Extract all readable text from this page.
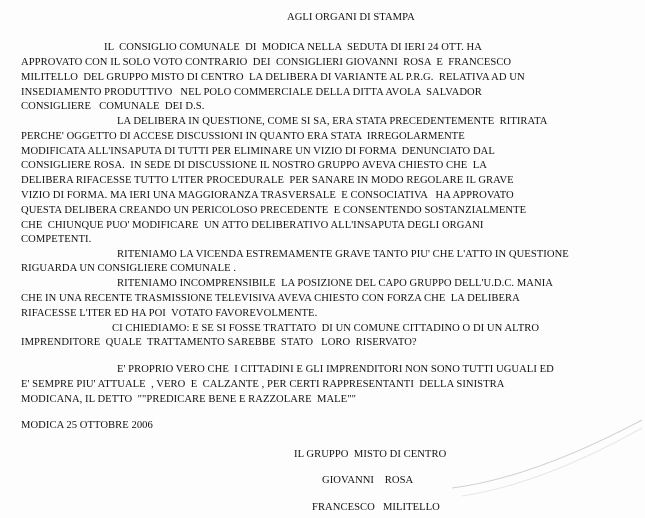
AGLI ORGANI DI STAMPA

IL  CONSIGLIO COMUNALE  DI  MODICA NELLA  SEDUTA DI IERI 24 OTT. HA

APPROVATO CON IL SOLO VOTO CONTRARIO  DEI  CONSIGLIERI GIOVANNI  ROSA  E  FRANCESCO

MILITELLO  DEL GRUPPO MISTO DI CENTRO  LA DELIBERA DI VARIANTE AL P.R.G.  RELATIVA AD UN

INSEDIAMENTO PRODUTTIVO   NEL POLO COMMERCIALE DELLA DITTA AVOLA  SALVADOR

CONSIGLIERE   COMUNALE  DEI D.S.

LA DELIBERA IN QUESTIONE, COME SI SA, ERA STATA PRECEDENTEMENTE  RITIRATA

PERCHE' OGGETTO DI ACCESE DISCUSSIONI IN QUANTO ERA STATA  IRREGOLARMENTE

MODIFICATA ALL'INSAPUTA DI TUTTI PER ELIMINARE UN VIZIO DI FORMA  DENUNCIATO DAL

CONSIGLIERE ROSA.  IN SEDE DI DISCUSSIONE IL NOSTRO GRUPPO AVEVA CHIESTO CHE  LA

DELIBERA RIFACESSE TUTTO L'ITER PROCEDURALE  PER SANARE IN MODO REGOLARE IL GRAVE

VIZIO DI FORMA. MA IERI UNA MAGGIORANZA TRASVERSALE  E CONSOCIATIVA   HA APPROVATO

QUESTA DELIBERA CREANDO UN PERICOLOSO PRECEDENTE  E CONSENTENDO SOSTANZIALMENTE

CHE  CHIUNQUE PUO' MODIFICARE  UN ATTO DELIBERATIVO ALL'INSAPUTA DEGLI ORGANI

COMPETENTI.

RITENIAMO LA VICENDA ESTREMAMENTE GRAVE TANTO PIU' CHE L'ATTO IN QUESTIONE

RIGUARDA UN CONSIGLIERE COMUNALE .

RITENIAMO INCOMPRENSIBILE  LA POSIZIONE DEL CAPO GRUPPO DELL'U.D.C. MANIA

CHE IN UNA RECENTE TRASMISSIONE TELEVISIVA AVEVA CHIESTO CON FORZA CHE  LA DELIBERA

RIFACESSE L'ITER ED HA POI  VOTATO FAVOREVOLMENTE.

CI CHIEDIAMO: E SE SI FOSSE TRATTATO  DI UN COMUNE CITTADINO O DI UN ALTRO

IMPRENDITORE  QUALE  TRATTAMENTO SAREBBE  STATO   LORO  RISERVATO?

E' PROPRIO VERO CHE  I CITTADINI E GLI IMPRENDITORI NON SONO TUTTI UGUALI ED

E' SEMPRE PIU' ATTUALE  , VERO  E  CALZANTE , PER CERTI RAPPRESENTANTI  DELLA SINISTRA

MODICANA, IL DETTO  ""PREDICARE BENE E RAZZOLARE  MALE""

MODICA 25 OTTOBRE 2006

IL GRUPPO  MISTO DI CENTRO

GIOVANNI    ROSA

FRANCESCO   MILITELLO
